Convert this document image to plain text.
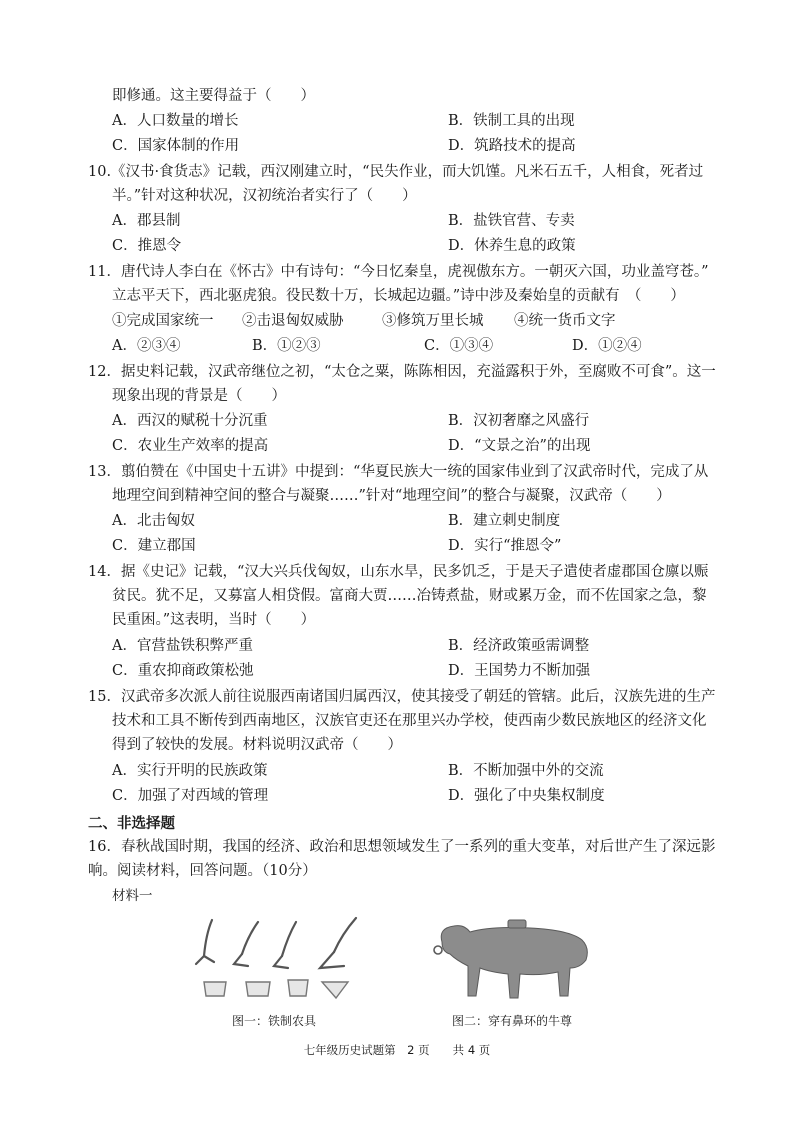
即修通。这主要得益于（　　）
A．人口数量的增长	B．铁制工具的出现
C．国家体制的作用	D．筑路技术的提高
10.《汉书·食货志》记载，西汉刚建立时，“民失作业，而大饥馑。凡米石五千，人相食，死者过
半。”针对这种状况，汉初统治者实行了（　　）
A．郡县制	B．盐铁官营、专卖
C．推恩令	D．休养生息的政策
11．唐代诗人李白在《怀古》中有诗句：“今日忆秦皇，虎视傲东方。一朝灭六国，功业盖穹苍。”
立志平天下，西北驱虎狼。役民数十万，长城起边疆。”诗中涉及秦始皇的贡献有　（　　）
①完成国家统一 ②击退匈奴威胁	③修筑万里长城 ④统一货币文字
A．②③④	B．①②③	C．①③④	D．①②④
12．据史料记载，汉武帝继位之初，“太仓之粟，陈陈相因，充溢露积于外，至腐败不可食”。这一
现象出现的背景是（　　）
A．西汉的赋税十分沉重	B．汉初奢靡之风盛行
C．农业生产效率的提高	D．“文景之治”的出现
13．翦伯赞在《中国史十五讲》中提到：“华夏民族大一统的国家伟业到了汉武帝时代，完成了从
地理空间到精神空间的整合与凝聚……”针对“地理空间”的整合与凝聚，汉武帝（　　）
A．北击匈奴	B．建立刺史制度
C．建立郡国	D．实行“推恩令”
14．据《史记》记载，“汉大兴兵伐匈奴，山东水旱，民多饥乏，于是天子遣使者虚郡国仓廪以赈
贫民。犹不足，又募富人相贷假。富商大贾……冶铸煮盐，财或累万金，而不佐国家之急，黎
民重困。”这表明，当时（　　）
A．官营盐铁积弊严重	B．经济政策亟需调整
C．重农抑商政策松弛	D．王国势力不断加强
15．汉武帝多次派人前往说服西南诸国归属西汉，使其接受了朝廷的管辖。此后，汉族先进的生产
技术和工具不断传到西南地区，汉族官吏还在那里兴办学校，使西南少数民族地区的经济文化
得到了较快的发展。材料说明汉武帝（　　）
A．实行开明的民族政策	B．不断加强中外的交流
C．加强了对西域的管理	D．强化了中央集权制度
二、非选择题
16．春秋战国时期，我国的经济、政治和思想领域发生了一系列的重大变革，对后世产生了深远影
响。阅读材料，回答问题。（10分）
材料一
图一：铁制农具	图二：穿有鼻环的牛尊
七年级历史试题第　2 页　　共 4 页
